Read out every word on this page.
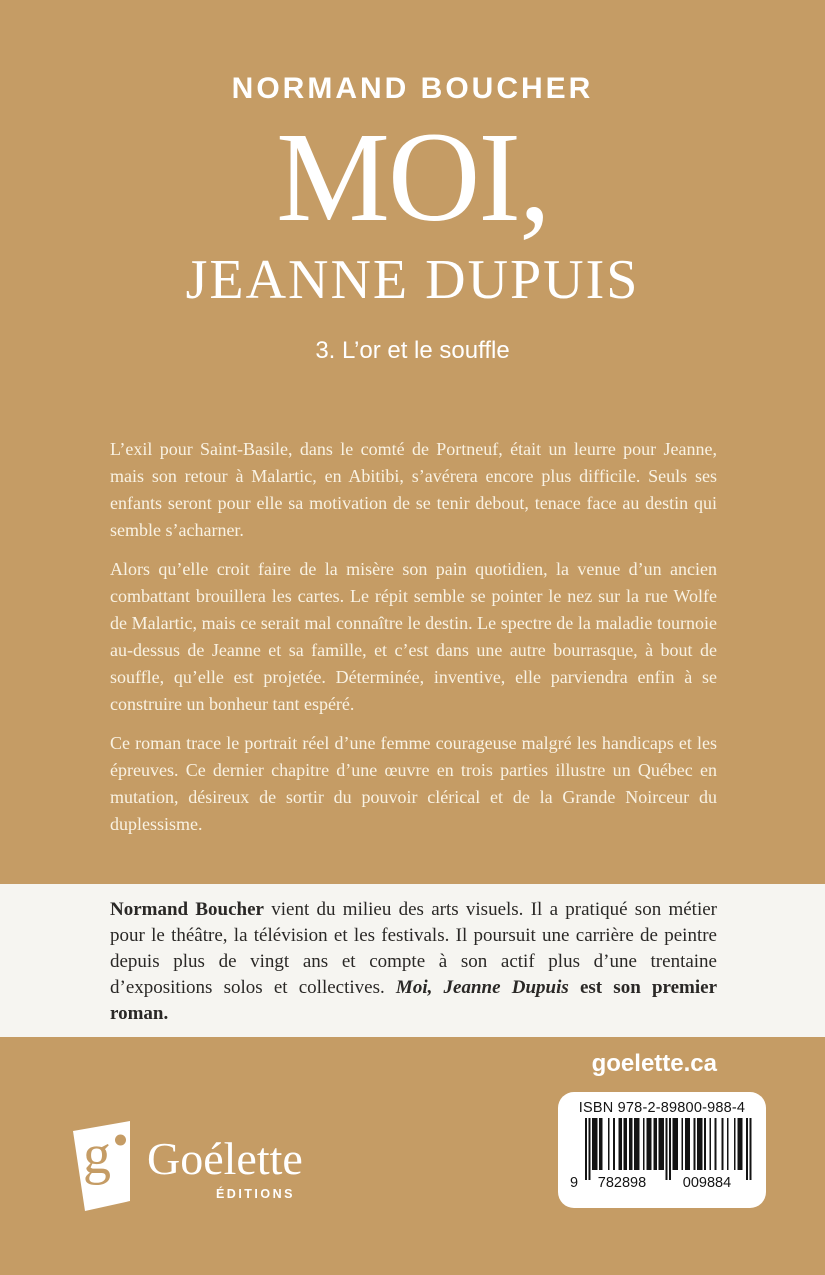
NORMAND BOUCHER
MOI,
JEANNE DUPUIS
3. L’or et le souffle

L’exil pour Saint-Basile, dans le comté de Portneuf, était un leurre pour Jeanne, mais son retour à Malartic, en Abitibi, s’avérera encore plus difficile. Seuls ses enfants seront pour elle sa motivation de se tenir debout, tenace face au destin qui semble s’acharner.

Alors qu’elle croit faire de la misère son pain quotidien, la venue d’un ancien combattant brouillera les cartes. Le répit semble se pointer le nez sur la rue Wolfe de Malartic, mais ce serait mal connaître le destin. Le spectre de la maladie tournoie au-dessus de Jeanne et sa famille, et c’est dans une autre bourrasque, à bout de souffle, qu’elle est projetée. Déterminée, inventive, elle parviendra enfin à se construire un bonheur tant espéré.

Ce roman trace le portrait réel d’une femme courageuse malgré les handicaps et les épreuves. Ce dernier chapitre d’une œuvre en trois parties illustre un Québec en mutation, désireux de sortir du pouvoir clérical et de la Grande Noirceur du duplessisme.

Normand Boucher vient du milieu des arts visuels. Il a pratiqué son métier pour le théâtre, la télévision et les festivals. Il poursuit une carrière de peintre depuis plus de vingt ans et compte à son actif plus d’une trentaine d’expositions solos et collectives. Moi, Jeanne Dupuis est son premier roman.

goelette.ca
ISBN 978-2-89800-988-4
9	782898	009884
g Goélette
ÉDITIONS
